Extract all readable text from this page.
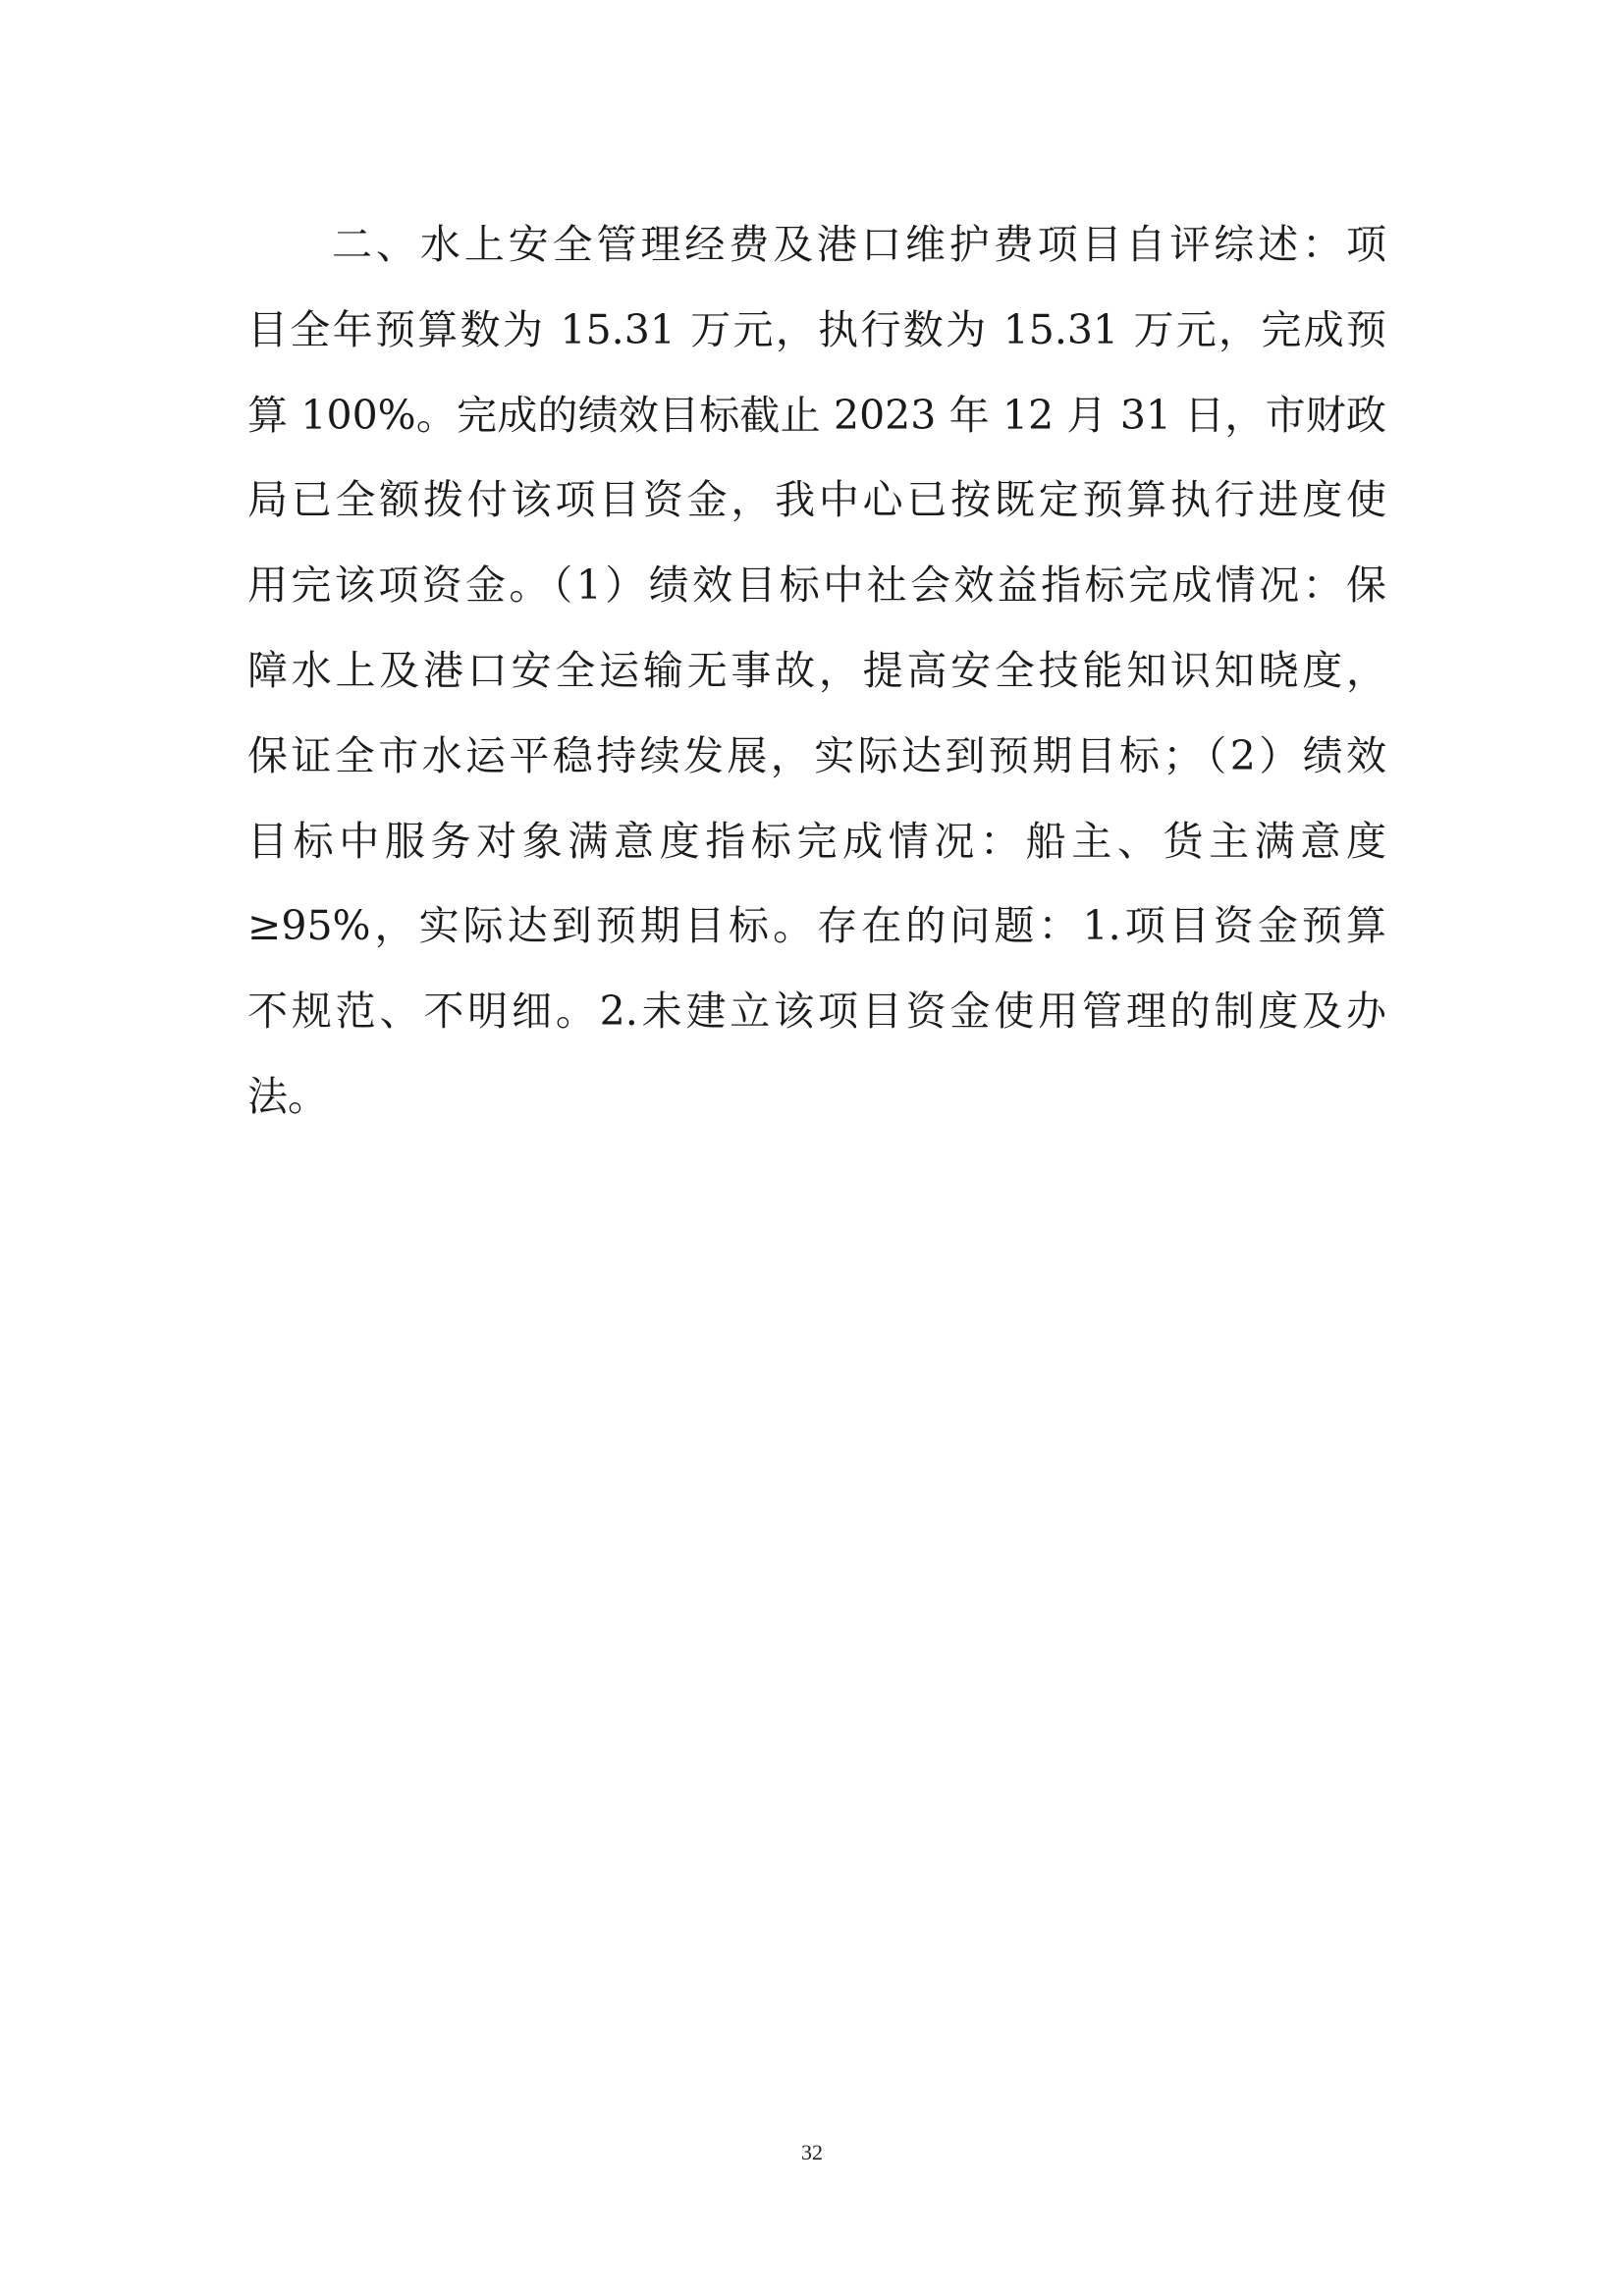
二、水上安全管理经费及港口维护费项目自评综述：项
目全年预算数为 15.31 万元，执行数为 15.31 万元，完成预
算 100%。完成的绩效目标截止 2023 年 12 月 31 日，市财政
局已全额拨付该项目资金，我中心已按既定预算执行进度使
用完该项资金。（1）绩效目标中社会效益指标完成情况：保
障水上及港口安全运输无事故，提高安全技能知识知晓度，
保证全市水运平稳持续发展，实际达到预期目标；（2）绩效
目标中服务对象满意度指标完成情况：船主、货主满意度
≥95%，实际达到预期目标。存在的问题：1.项目资金预算
不规范、不明细。2.未建立该项目资金使用管理的制度及办
法。
32
